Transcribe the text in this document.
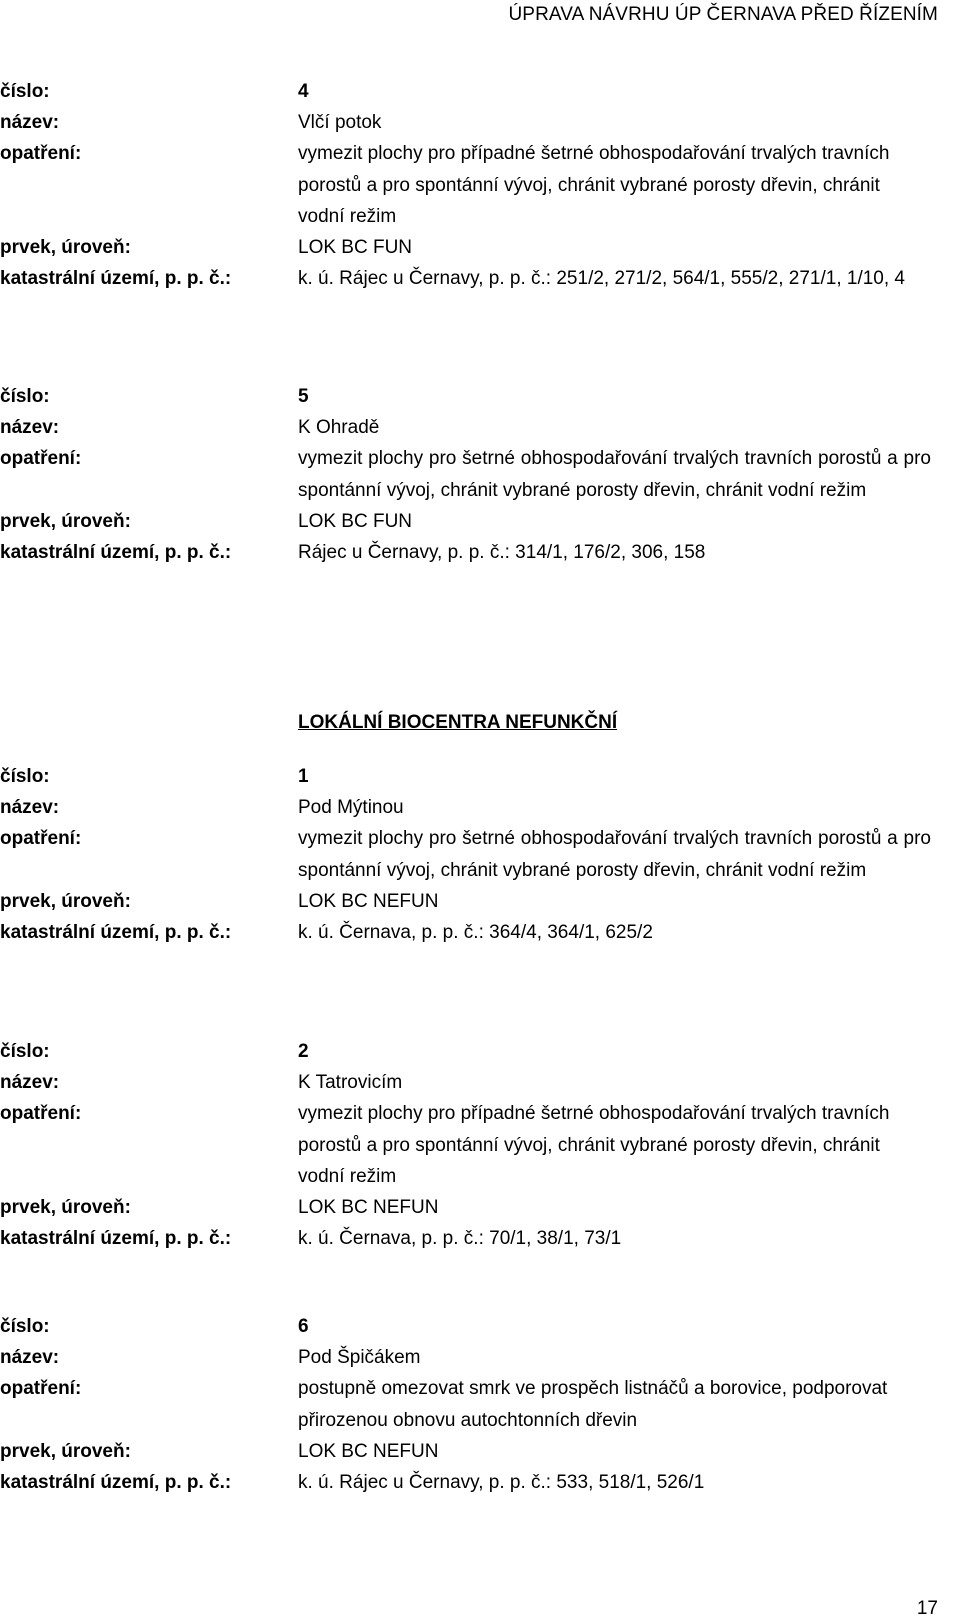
ÚPRAVA NÁVRHU ÚP ČERNAVA PŘED ŘÍZENÍM
číslo:	4
název:	Vlčí potok
opatření:	vymezit plochy pro případné šetrné obhospodařování trvalých travních porostů a pro spontánní vývoj, chránit vybrané porosty dřevin, chránit vodní režim
prvek, úroveň:	LOK BC FUN
katastrální území, p. p. č.:	k. ú. Rájec u Černavy, p. p. č.: 251/2, 271/2, 564/1, 555/2, 271/1, 1/10, 4
číslo:	5
název:	K Ohradě
opatření:	vymezit plochy pro šetrné obhospodařování trvalých travních porostů a pro spontánní vývoj, chránit vybrané porosty dřevin, chránit vodní režim
prvek, úroveň:	LOK BC FUN
katastrální území, p. p. č.:	Rájec u Černavy, p. p. č.: 314/1, 176/2, 306, 158
LOKÁLNÍ BIOCENTRA NEFUNKČNÍ
číslo:	1
název:	Pod Mýtinou
opatření:	vymezit plochy pro šetrné obhospodařování trvalých travních porostů a pro spontánní vývoj, chránit vybrané porosty dřevin, chránit vodní režim
prvek, úroveň:	LOK BC NEFUN
katastrální území, p. p. č.:	k. ú. Černava, p. p. č.: 364/4, 364/1, 625/2
číslo:	2
název:	K Tatrovicím
opatření:	vymezit plochy pro případné šetrné obhospodařování trvalých travních porostů a pro spontánní vývoj, chránit vybrané porosty dřevin, chránit vodní režim
prvek, úroveň:	LOK BC NEFUN
katastrální území, p. p. č.:	k. ú. Černava, p. p. č.: 70/1, 38/1, 73/1
číslo:	6
název:	Pod Špičákem
opatření:	postupně omezovat smrk ve prospěch listnáčů a borovice, podporovat přirozenou obnovu autochtonních dřevin
prvek, úroveň:	LOK BC NEFUN
katastrální území, p. p. č.:	k. ú. Rájec u Černavy, p. p. č.: 533, 518/1, 526/1
17
